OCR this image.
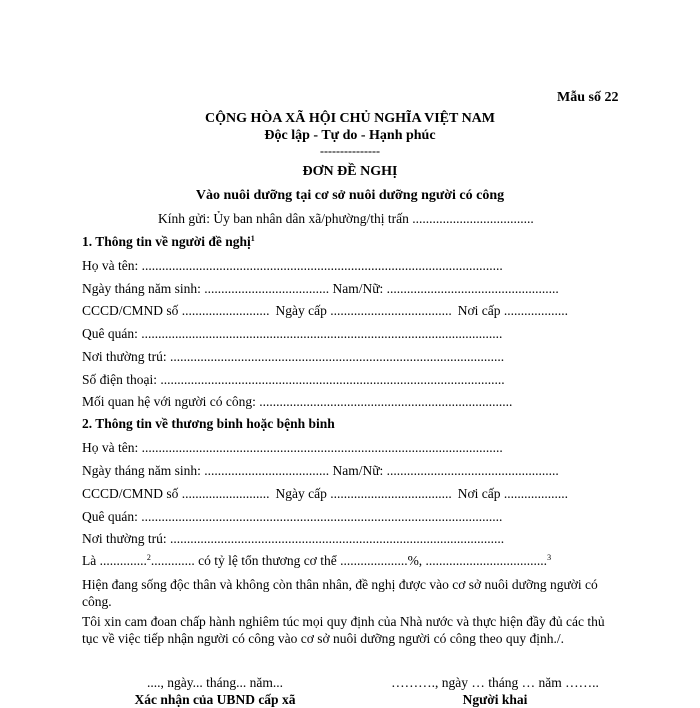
Mẫu số 22
CỘNG HÒA XÃ HỘI CHỦ NGHĨA VIỆT NAM
Độc lập - Tự do - Hạnh phúc
---------------
ĐƠN ĐỀ NGHỊ
Vào nuôi dưỡng tại cơ sở nuôi dưỡng người có công
Kính gửi: Ủy ban nhân dân xã/phường/thị trấn ....................................
1. Thông tin về người đề nghị$^1$
Họ và tên: ...........................................................................................................
Ngày tháng năm sinh: ..................................... Nam/Nữ: ...................................................
CCCD/CMND số .......................... Ngày cấp .................................... Nơi cấp ...................
Quê quán: ...........................................................................................................
Nơi thường trú: ...................................................................................................
Số điện thoại: ......................................................................................................
Mối quan hệ với người có công: ...........................................................................
2. Thông tin về thương binh hoặc bệnh binh
Họ và tên: ...........................................................................................................
Ngày tháng năm sinh: ..................................... Nam/Nữ: ...................................................
CCCD/CMND số .......................... Ngày cấp .................................... Nơi cấp ...................
Quê quán: ...........................................................................................................
Nơi thường trú: ...................................................................................................
Là ..............$^2$............. có tỷ lệ tổn thương cơ thể ....................%, ....................................$^3$
Hiện đang sống độc thân và không còn thân nhân, đề nghị được vào cơ sở nuôi dưỡng người có công.
Tôi xin cam đoan chấp hành nghiêm túc mọi quy định của Nhà nước và thực hiện đầy đủ các thủ tục về việc tiếp nhận người có công vào cơ sở nuôi dưỡng người có công theo quy định./.
...., ngày... tháng... năm...
Xác nhận của UBND cấp xã
………., ngày … tháng … năm ……..
Người khai
